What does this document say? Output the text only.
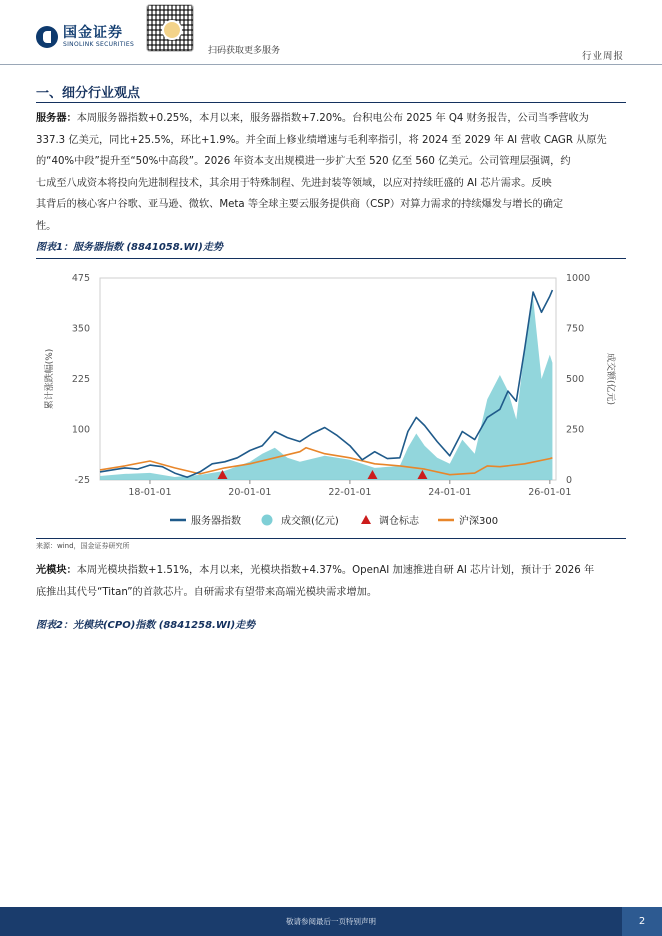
国金证券
SINOLINK SECURITIES
扫码获取更多服务	行业周报
一、细分行业观点
服务器：本周服务器指数+0.25%，本月以来，服务器指数+7.20%。台积电公布 2025 年 Q4 财务报告，公司当季营收为
337.3 亿美元，同比+25.5%，环比+1.9%。并全面上修业绩增速与毛利率指引，将 2024 至 2029 年 AI 营收 CAGR 从原先
的“40%中段”提升至“50%中高段”。2026 年资本支出规模进一步扩大至 520 亿至 560 亿美元。公司管理层强调，约
七成至八成资本将投向先进制程技术，其余用于特殊制程、先进封装等领域，以应对持续旺盛的 AI 芯片需求。反映
其背后的核心客户谷歌、亚马逊、微软、Meta 等全球主要云服务提供商（CSP）对算力需求的持续爆发与增长的确定
性。
图表1：服务器指数 (8841058.WI)走势
475
350
225
100
-25
1000
750
500
250
0
18-01-01	20-01-01	22-01-01	24-01-01	26-01-01
累计涨跌幅(%)	成交额(亿元)
服务器指数	成交额(亿元)	调仓标志	沪深300
来源：wind，国金证券研究所
光模块：本周光模块指数+1.51%，本月以来，光模块指数+4.37%。OpenAI 加速推进自研 AI 芯片计划，预计于 2026 年
底推出其代号“Titan”的首款芯片。自研需求有望带来高端光模块需求增加。
图表2：光模块(CPO)指数 (8841258.WI)走势
敬请参阅最后一页特别声明	2
